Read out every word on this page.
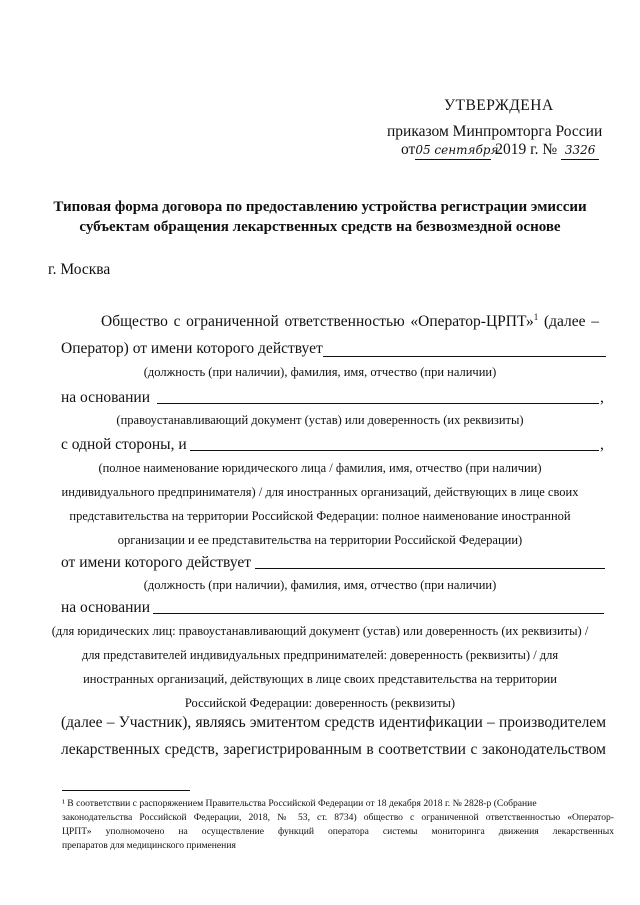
УТВЕРЖДЕНА
приказом Минпромторга России
от05 сентября 2019 г. № 3326
Типовая форма договора по предоставлению устройства регистрации эмиссии
субъектам обращения лекарственных средств на безвозмездной основе
г. Москва
Общество с ограниченной ответственностью «Оператор-ЦРПТ»$^1$ (далее –
Оператор) от имени которого действует
(должность (при наличии), фамилия, имя, отчество (при наличии)
на основании	,
(правоустанавливающий документ (устав) или доверенность (их реквизиты)
с одной стороны, и	,
(полное наименование юридического лица / фамилия, имя, отчество (при наличии)
индивидуального предпринимателя) / для иностранных организаций, действующих в лице своих
представительства на территории Российской Федерации: полное наименование иностранной
организации и ее представительства на территории Российской Федерации)
от имени которого действует
(должность (при наличии), фамилия, имя, отчество (при наличии)
на основании
(для юридических лиц: правоустанавливающий документ (устав) или доверенность (их реквизиты) /
для представителей индивидуальных предпринимателей: доверенность (реквизиты) / для
иностранных организаций, действующих в лице своих представительства на территории
Российской Федерации: доверенность (реквизиты)
(далее – Участник), являясь эмитентом средств идентификации – производителем
лекарственных средств, зарегистрированным в соответствии с законодательством
¹ В соответствии с распоряжением Правительства Российской Федерации от 18 декабря 2018 г. № 2828-р (Собрание
законодательства Российской Федерации, 2018, № 53, ст. 8734) общество с ограниченной ответственностью «Оператор-
ЦРПТ» уполномочено на осуществление функций оператора системы мониторинга движения лекарственных
препаратов для медицинского применения
